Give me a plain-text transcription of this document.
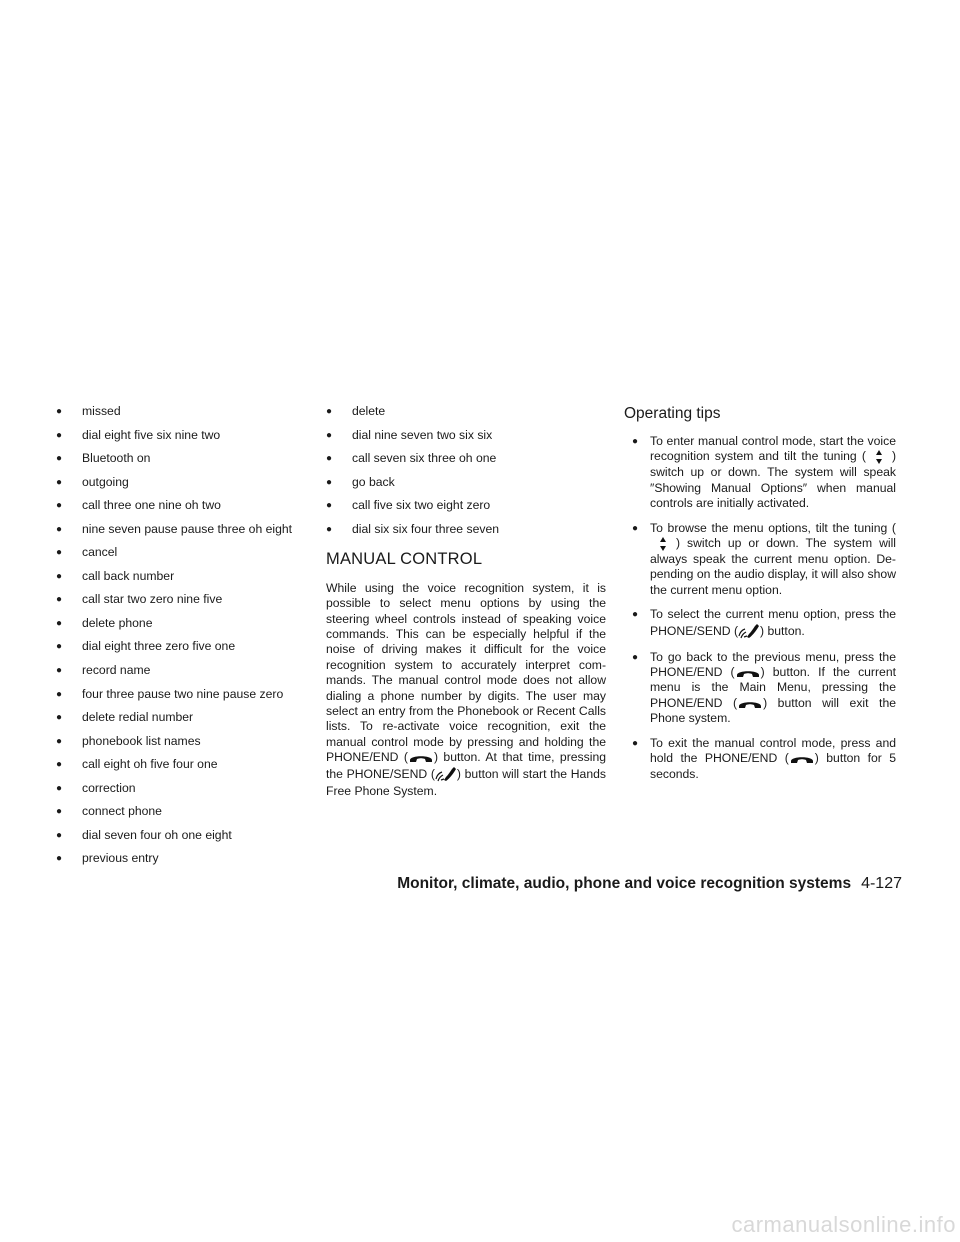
● missed
● dial eight five six nine two
● Bluetooth on
● outgoing
● call three one nine oh two
● nine seven pause pause three oh eight
● cancel
● call back number
● call star two zero nine five
● delete phone
● dial eight three zero five one
● record name
● four three pause two nine pause zero
● delete redial number
● phonebook list names
● call eight oh five four one
● correction
● connect phone
● dial seven four oh one eight
● previous entry
● delete
● dial nine seven two six six
● call seven six three oh one
● go back
● call five six two eight zero
● dial six six four three seven
MANUAL CONTROL

While using the voice recognition system, it is possible to select menu options by using the steering wheel controls instead of speaking voice commands. This can be especially helpful if the noise of driving makes it difficult for the voice recognition system to accurately interpret com- mands. The manual control mode does not allow dialing a phone number by digits. The user may select an entry from the Phonebook or Recent Calls lists. To re-activate voice recognition, exit the manual control mode by pressing and holding the PHONE/END ( ) button. At that time, pressing the PHONE/SEND ( ) button will start the Hands Free Phone System.

Operating tips
● To enter manual control mode, start the voice recognition system and tilt the tuning ( ) switch up or down. The system will speak ″Showing Manual Options″ when manual controls are initially activated.
● To browse the menu options, tilt the tuning (
) switch up or down. The system will always speak the current menu option. De- pending on the audio display, it will also show the current menu option.
● To select the current menu option, press the PHONE/SEND ( ) button.
● To go back to the previous menu, press the PHONE/END ( ) button. If the current menu is the Main Menu, pressing the PHONE/END ( ) button will exit the Phone system.
● To exit the manual control mode, press and hold the PHONE/END ( ) button for 5 seconds.
Monitor, climate, audio, phone and voice recognition systems 4-127
carmanualsonline.info
